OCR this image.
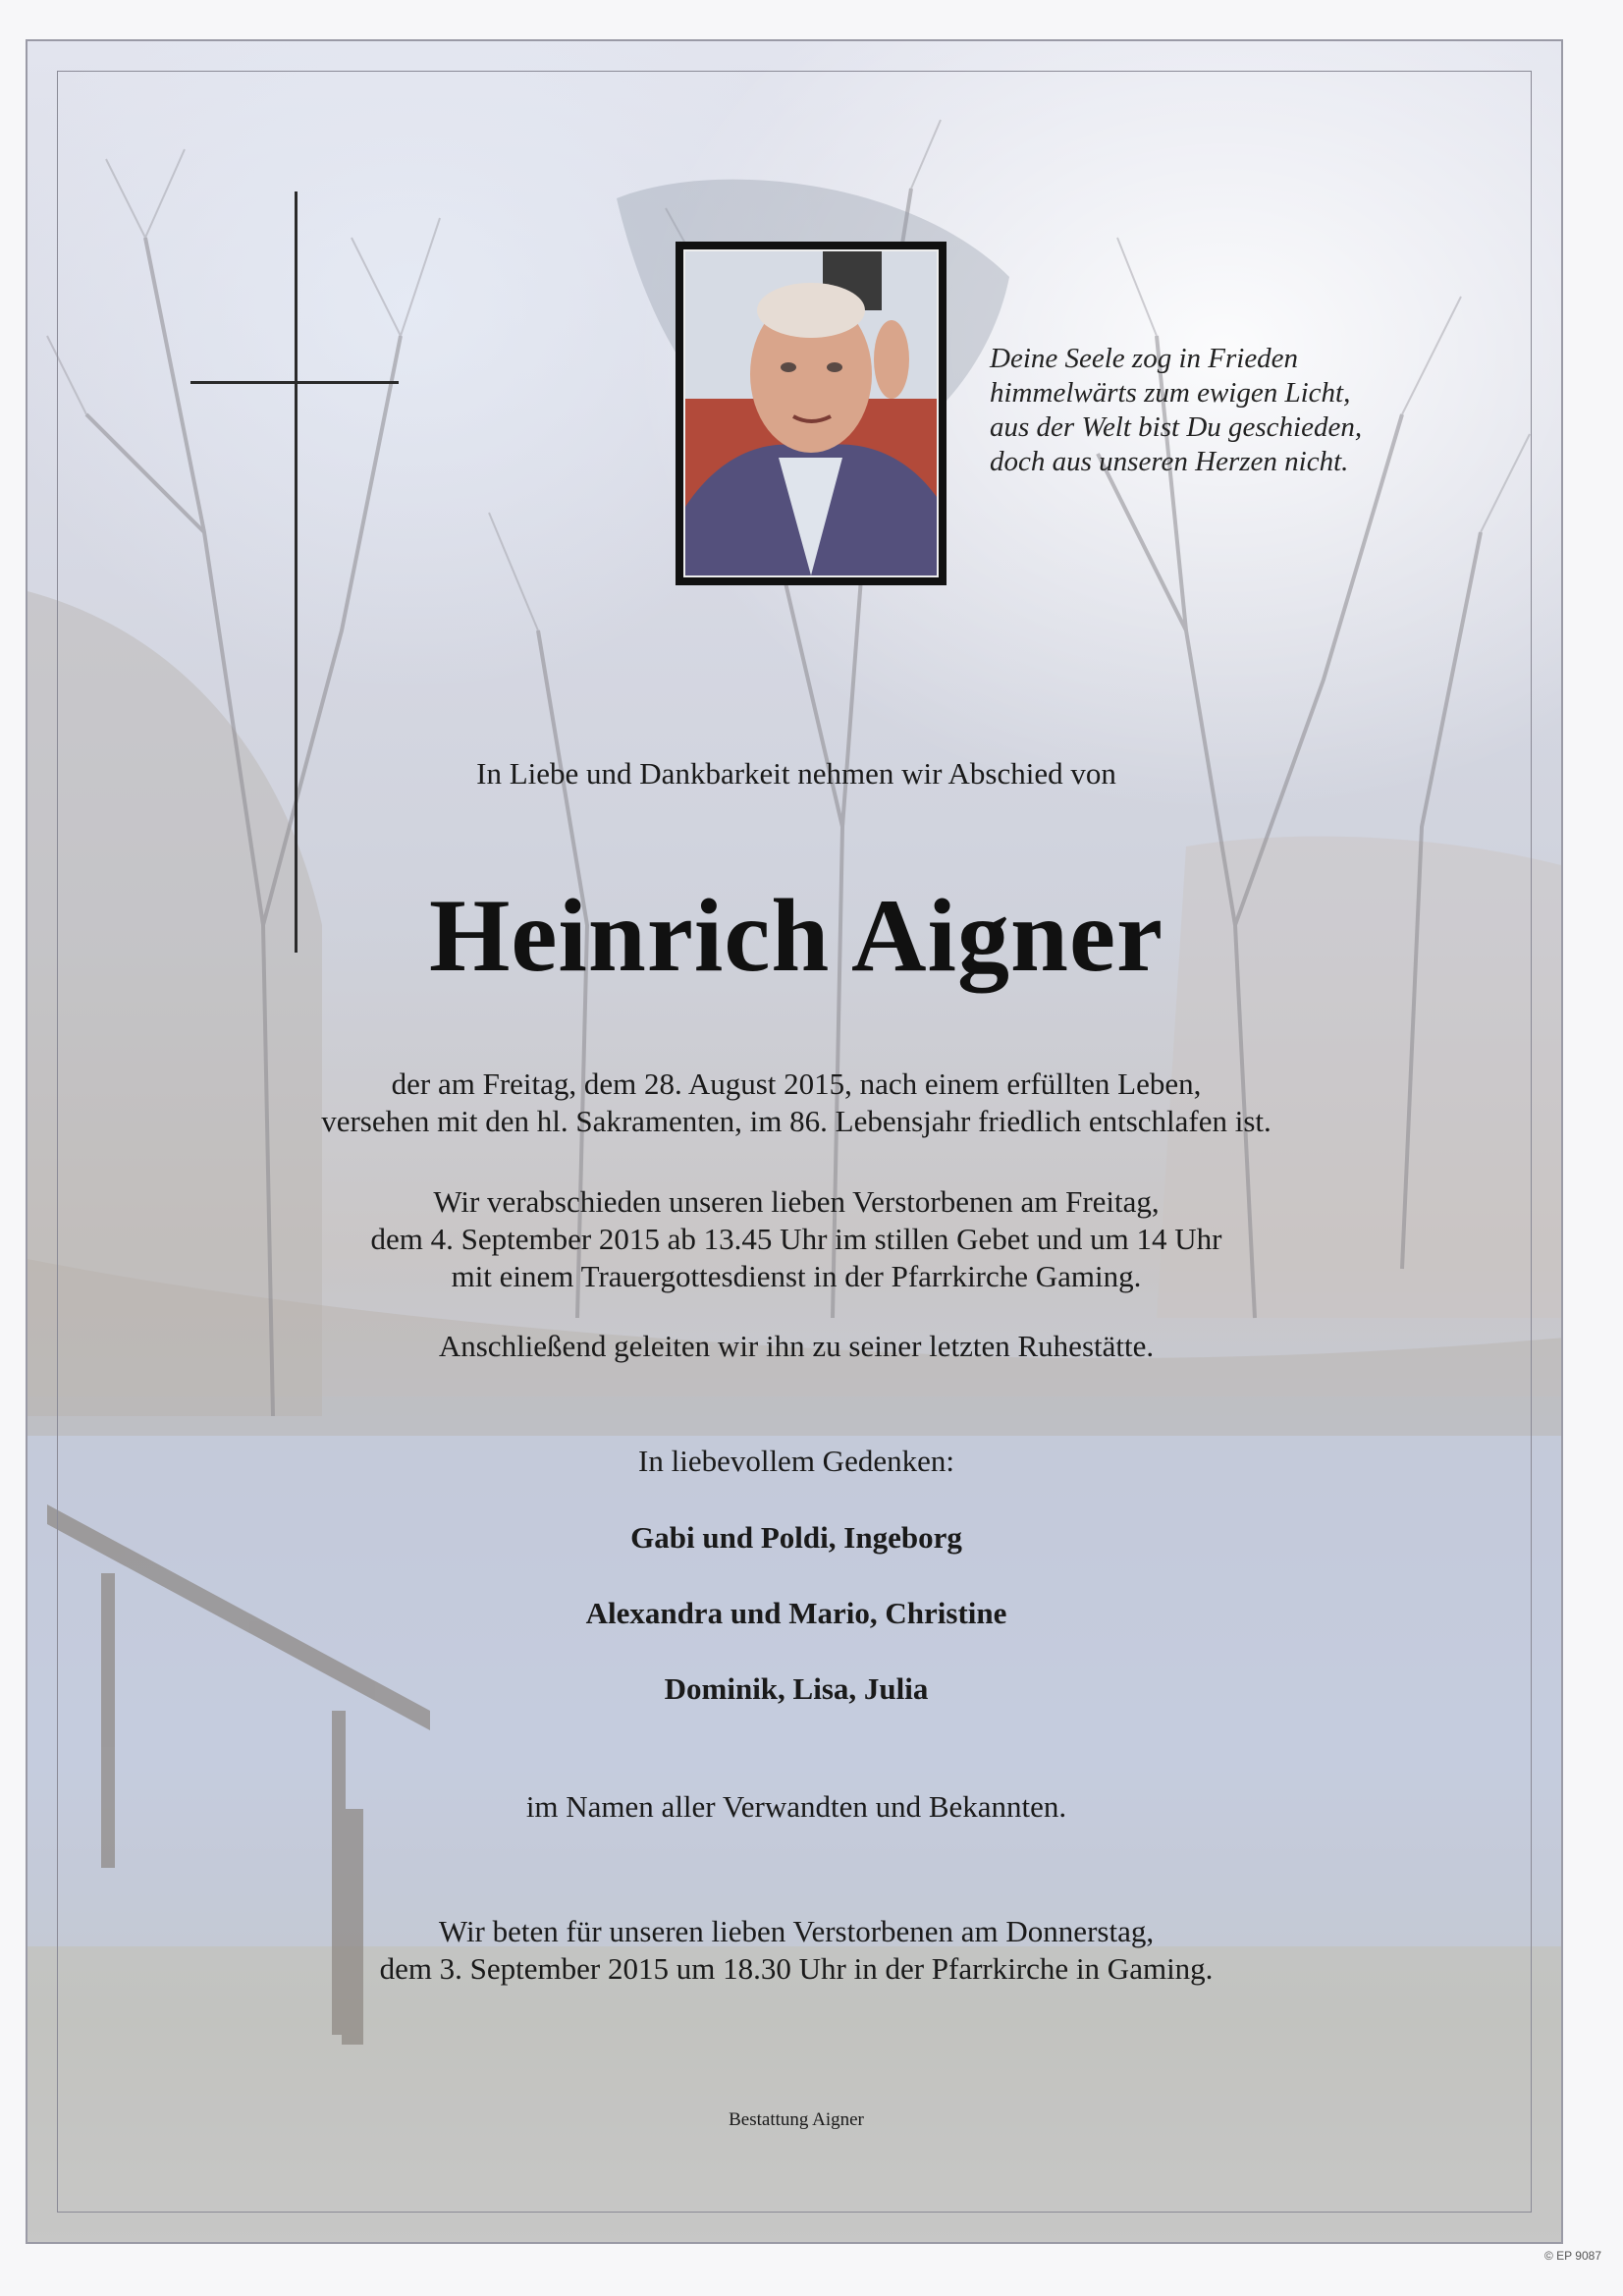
Deine Seele zog in Frieden
himmelwärts zum ewigen Licht,
aus der Welt bist Du geschieden,
doch aus unseren Herzen nicht.
In Liebe und Dankbarkeit nehmen wir Abschied von
Heinrich Aigner
der am Freitag, dem 28. August 2015, nach einem erfüllten Leben,
versehen mit den hl. Sakramenten, im 86. Lebensjahr friedlich entschlafen ist.
Wir verabschieden unseren lieben Verstorbenen am Freitag,
dem 4. September 2015 ab 13.45 Uhr im stillen Gebet und um 14 Uhr
mit einem Trauergottesdienst in der Pfarrkirche Gaming.
Anschließend geleiten wir ihn zu seiner letzten Ruhestätte.
In liebevollem Gedenken:
Gabi und Poldi, Ingeborg
Alexandra und Mario, Christine
Dominik, Lisa, Julia
im Namen aller Verwandten und Bekannten.
Wir beten für unseren lieben Verstorbenen am Donnerstag,
dem 3. September 2015 um 18.30 Uhr in der Pfarrkirche in Gaming.
Bestattung Aigner
© EP 9087
